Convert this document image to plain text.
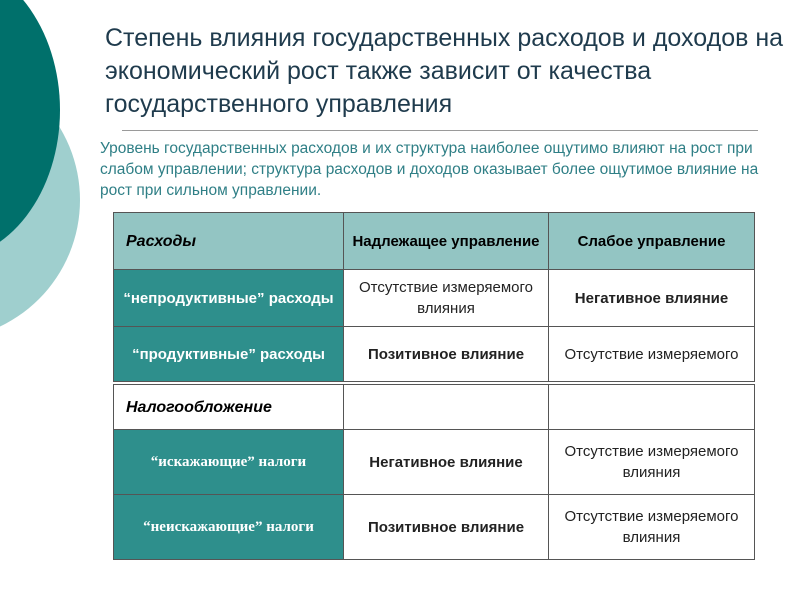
Степень влияния государственных расходов и доходов на экономический рост также зависит от качества государственного управления

Уровень государственных расходов и их структура наиболее ощутимо влияют на рост при слабом управлении; структура расходов и доходов оказывает более ощутимое влияние на рост при сильном управлении.

Расходы	Надлежащее управление	Слабое управление
“непродуктивные” расходы	Отсутствие измеряемого влияния	Негативное влияние
“продуктивные” расходы	Позитивное влияние	Отсутствие измеряемого
Налогообложение		
“искажающие” налоги	Негативное влияние	Отсутствие измеряемого влияния
“неискажающие” налоги	Позитивное влияние	Отсутствие измеряемого влияния
